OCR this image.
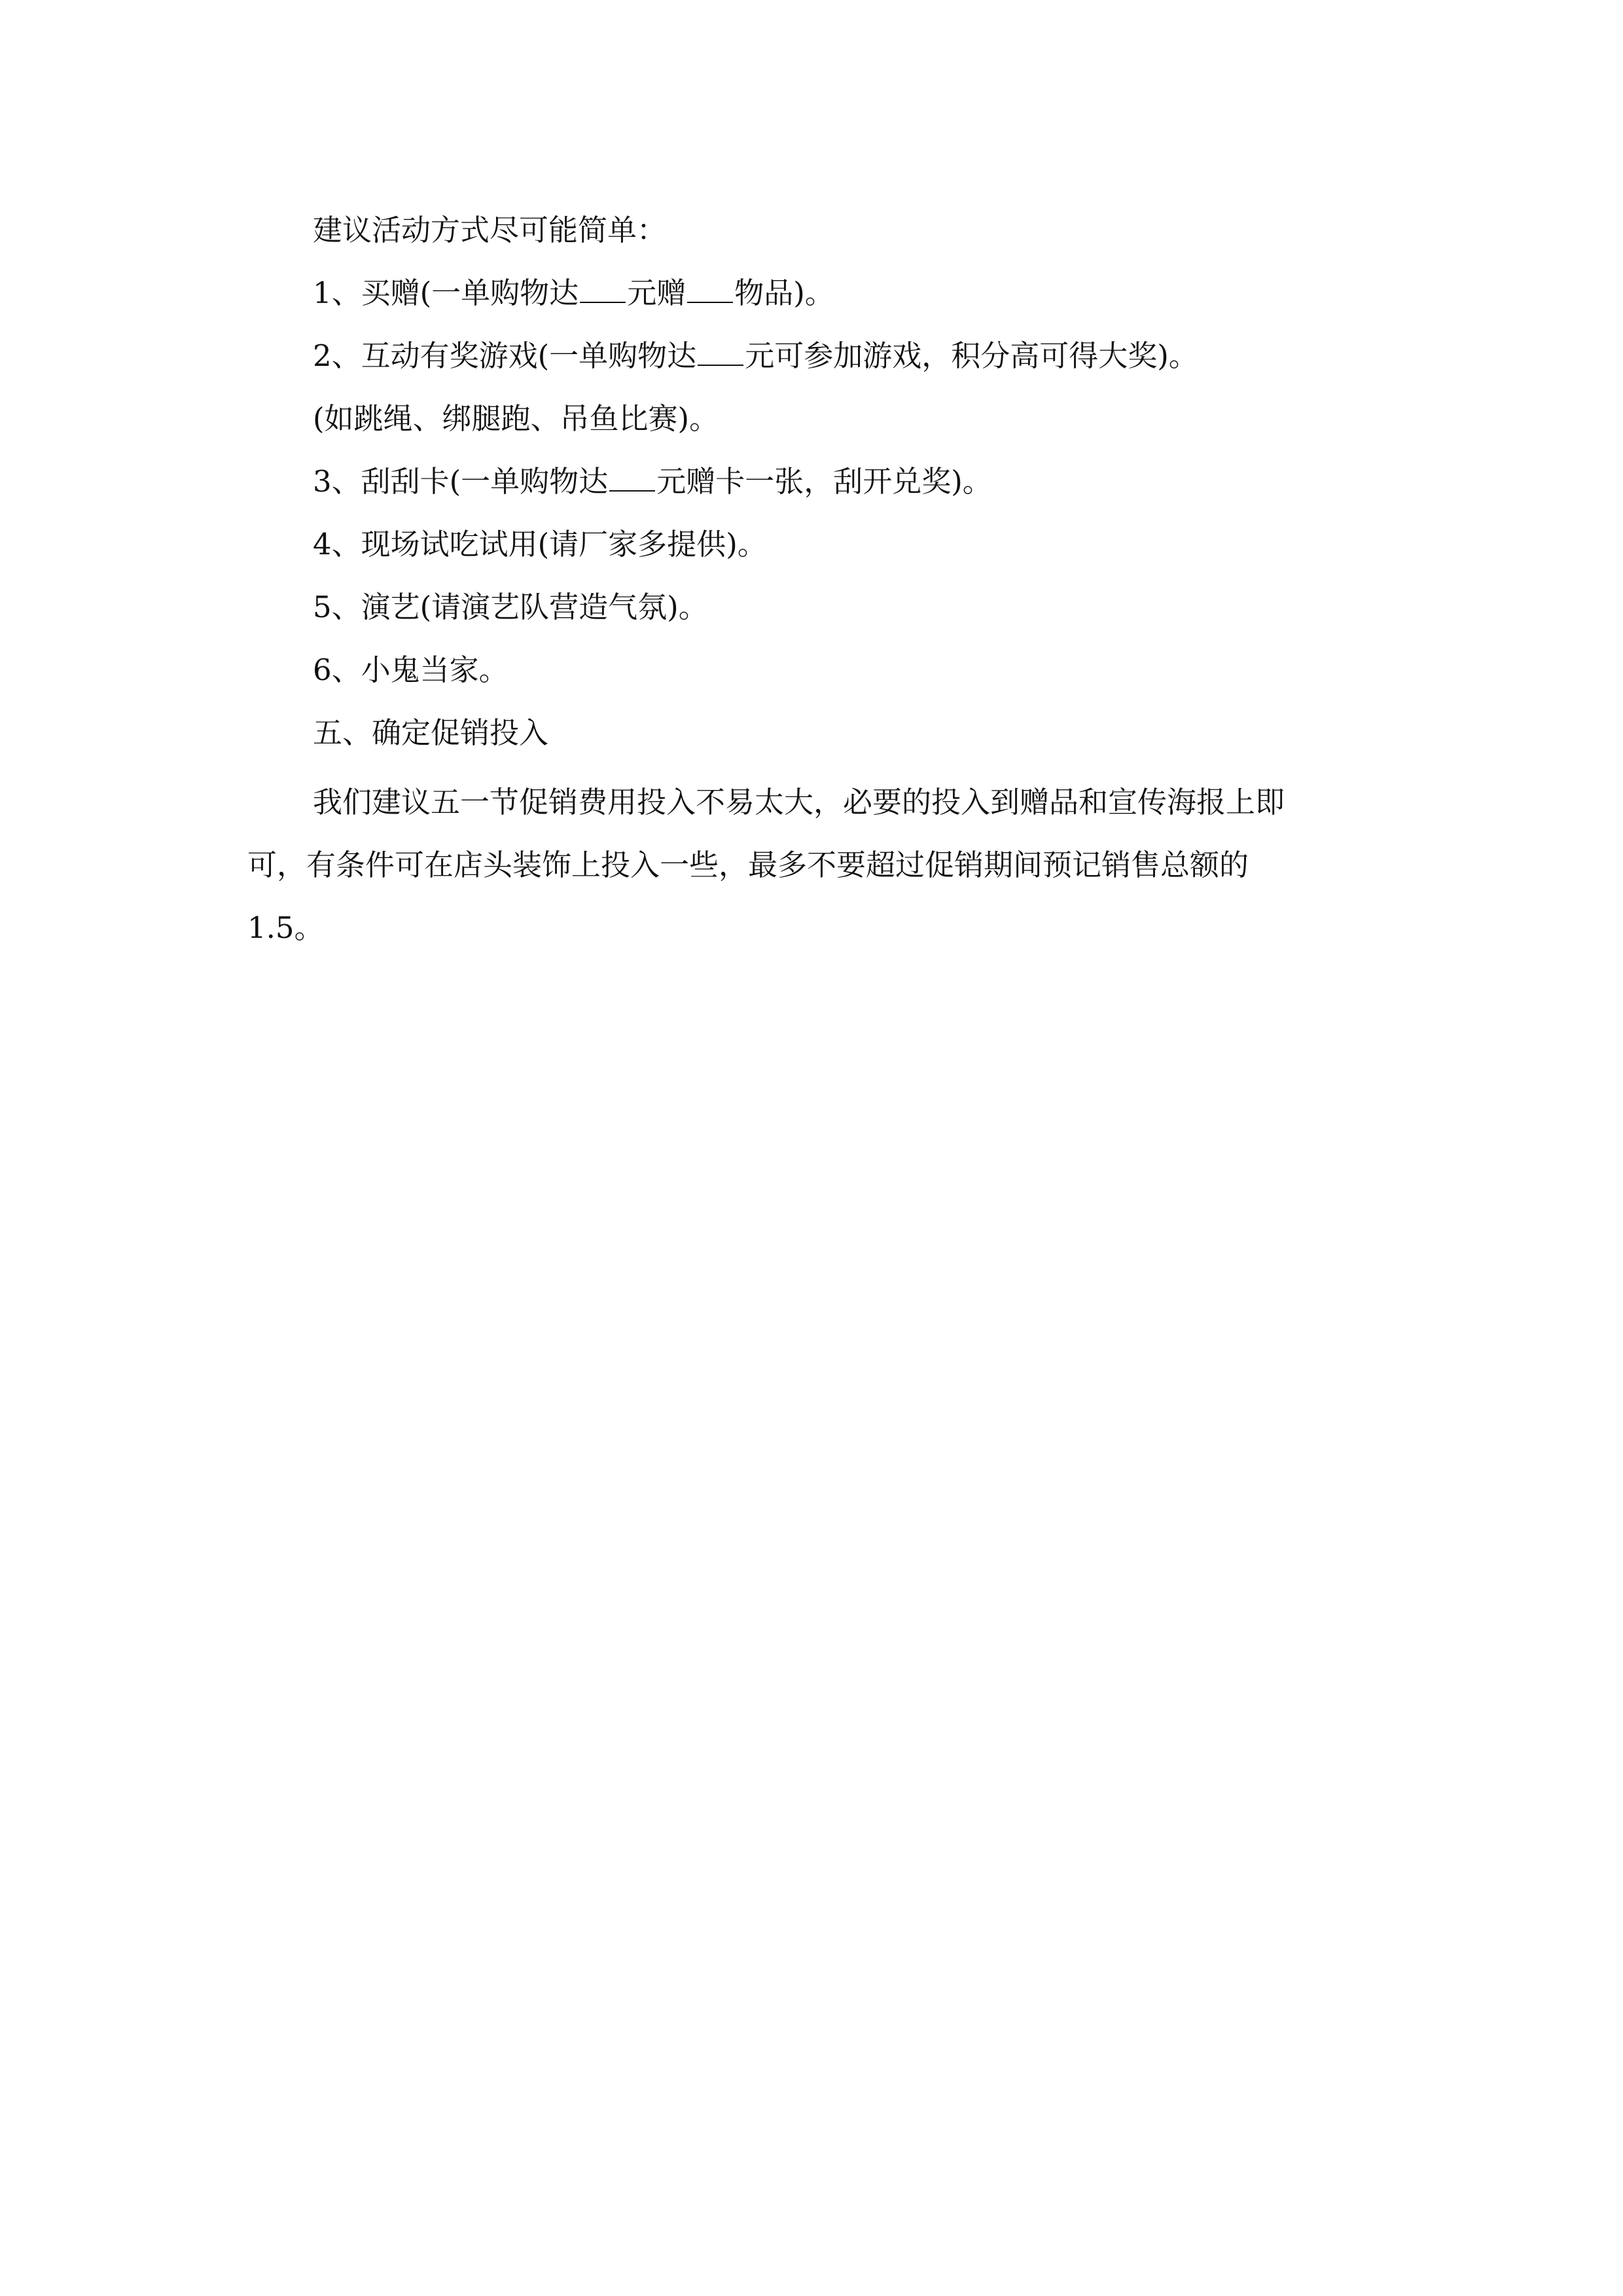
建议活动方式尽可能简单：

1、买赠(一单购物达 元赠 物品)。

2、互动有奖游戏(一单购物达 元可参加游戏，积分高可得大奖)。

(如跳绳、绑腿跑、吊鱼比赛)。

3、刮刮卡(一单购物达 元赠卡一张，刮开兑奖)。

4、现场试吃试用(请厂家多提供)。

5、演艺(请演艺队营造气氛)。

6、小鬼当家。

五、确定促销投入

我们建议五一节促销费用投入不易太大，必要的投入到赠品和宣传海报上即

可，有条件可在店头装饰上投入一些，最多不要超过促销期间预记销售总额的

1.5。
